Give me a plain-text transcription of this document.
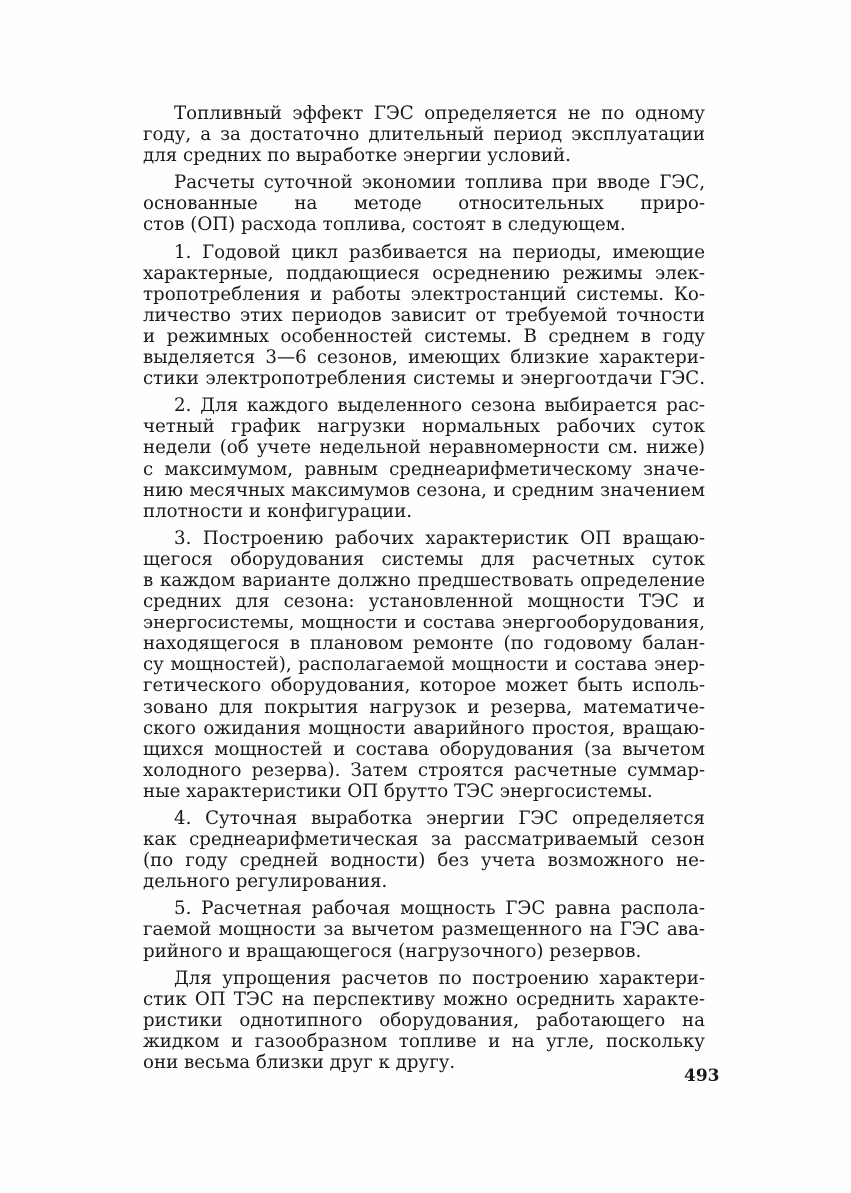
Топливный эффект ГЭС определяется не по одному
году, а за достаточно длительный период эксплуатации
для средних по выработке энергии условий.
Расчеты суточной экономии топлива при вводе ГЭС,
основанные на методе относительных приро-
стов (ОП) расхода топлива, состоят в следующем.
1. Годовой цикл разбивается на периоды, имеющие
характерные, поддающиеся осреднению режимы элек-
тропотребления и работы электростанций системы. Ко-
личество этих периодов зависит от требуемой точности
и режимных особенностей системы. В среднем в году
выделяется 3—6 сезонов, имеющих близкие характери-
стики электропотребления системы и энергоотдачи ГЭС.
2. Для каждого выделенного сезона выбирается рас-
четный график нагрузки нормальных рабочих суток
недели (об учете недельной неравномерности см. ниже)
с максимумом, равным среднеарифметическому значе-
нию месячных максимумов сезона, и средним значением
плотности и конфигурации.
3. Построению рабочих характеристик ОП вращаю-
щегося оборудования системы для расчетных суток
в каждом варианте должно предшествовать определение
средних для сезона: установленной мощности ТЭС и
энергосистемы, мощности и состава энергооборудования,
находящегося в плановом ремонте (по годовому балан-
су мощностей), располагаемой мощности и состава энер-
гетического оборудования, которое может быть исполь-
зовано для покрытия нагрузок и резерва, математиче-
ского ожидания мощности аварийного простоя, вращаю-
щихся мощностей и состава оборудования (за вычетом
холодного резерва). Затем строятся расчетные суммар-
ные характеристики ОП брутто ТЭС энергосистемы.
4. Суточная выработка энергии ГЭС определяется
как среднеарифметическая за рассматриваемый сезон
(по году средней водности) без учета возможного не-
дельного регулирования.
5. Расчетная рабочая мощность ГЭС равна распола-
гаемой мощности за вычетом размещенного на ГЭС ава-
рийного и вращающегося (нагрузочного) резервов.
Для упрощения расчетов по построению характери-
стик ОП ТЭС на перспективу можно осреднить характе-
ристики однотипного оборудования, работающего на
жидком и газообразном топливе и на угле, поскольку
они весьма близки друг к другу.
493
